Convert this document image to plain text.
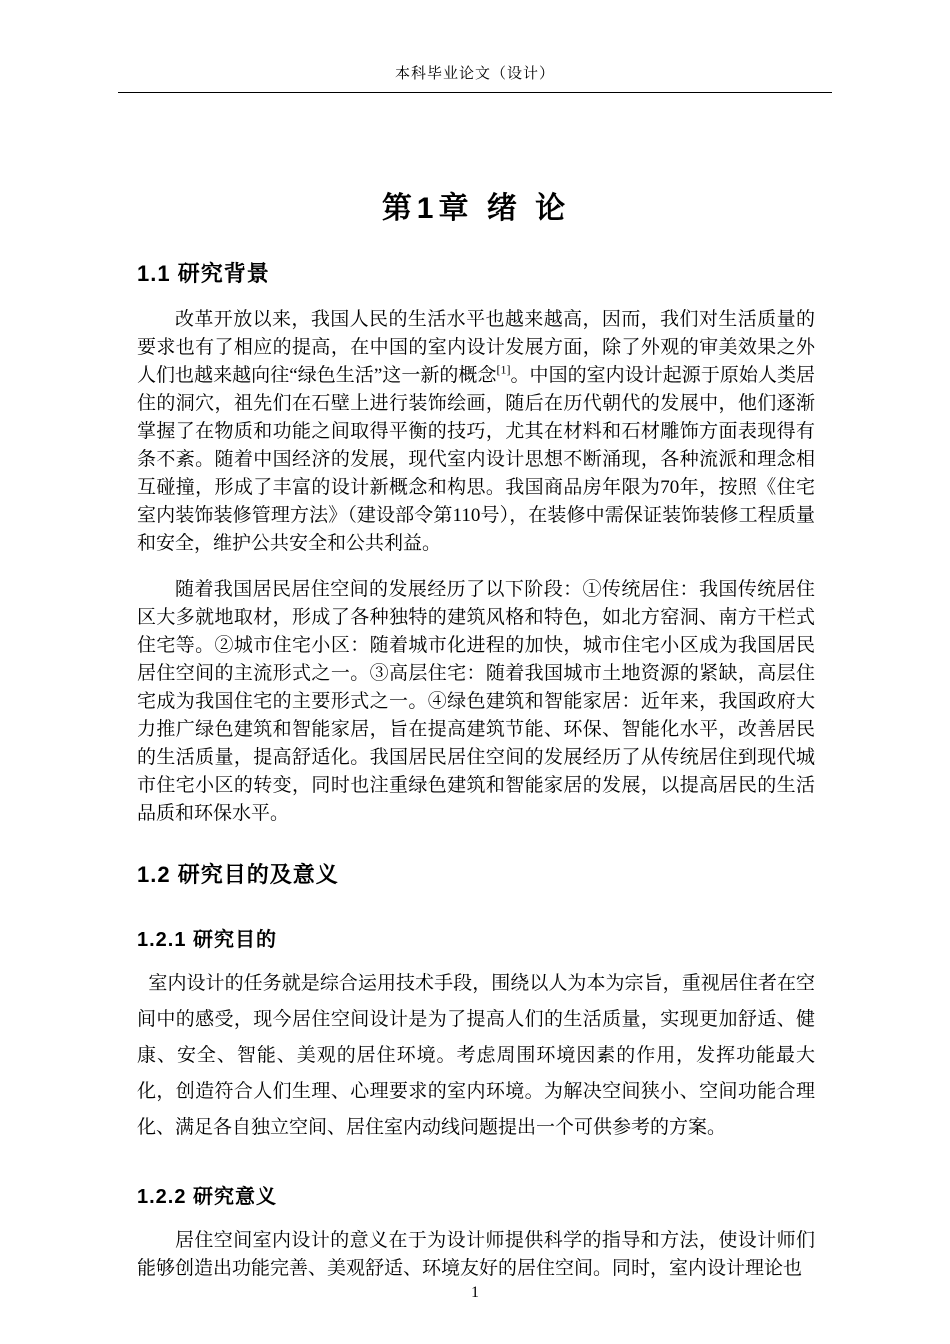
本科毕业论文（设计）
第1章 绪 论
1.1 研究背景

改革开放以来，我国人民的生活水平也越来越高，因而，我们对生活质量的要求也有了相应的提高，在中国的室内设计发展方面，除了外观的审美效果之外人们也越来越向往“绿色生活”这一新的概念[1]。中国的室内设计起源于原始人类居住的洞穴，祖先们在石壁上进行装饰绘画，随后在历代朝代的发展中，他们逐渐掌握了在物质和功能之间取得平衡的技巧，尤其在材料和石材雕饰方面表现得有条不紊。随着中国经济的发展，现代室内设计思想不断涌现，各种流派和理念相互碰撞，形成了丰富的设计新概念和构思。我国商品房年限为70年，按照《住宅室内装饰装修管理方法》（建设部令第110号），在装修中需保证装饰装修工程质量和安全，维护公共安全和公共利益。

随着我国居民居住空间的发展经历了以下阶段：①传统居住：我国传统居住区大多就地取材，形成了各种独特的建筑风格和特色，如北方窑洞、南方干栏式住宅等。②城市住宅小区：随着城市化进程的加快，城市住宅小区成为我国居民居住空间的主流形式之一。③高层住宅：随着我国城市土地资源的紧缺，高层住宅成为我国住宅的主要形式之一。④绿色建筑和智能家居：近年来，我国政府大力推广绿色建筑和智能家居，旨在提高建筑节能、环保、智能化水平，改善居民的生活质量，提高舒适化。我国居民居住空间的发展经历了从传统居住到现代城市住宅小区的转变，同时也注重绿色建筑和智能家居的发展，以提高居民的生活品质和环保水平。

1.2 研究目的及意义
1.2.1 研究目的

室内设计的任务就是综合运用技术手段，围绕以人为本为宗旨，重视居住者在空间中的感受，现今居住空间设计是为了提高人们的生活质量，实现更加舒适、健康、安全、智能、美观的居住环境。考虑周围环境因素的作用，发挥功能最大化，创造符合人们生理、心理要求的室内环境。为解决空间狭小、空间功能合理化、满足各自独立空间、居住室内动线问题提出一个可供参考的方案。

1.2.2 研究意义

居住空间室内设计的意义在于为设计师提供科学的指导和方法，使设计师们能够创造出功能完善、美观舒适、环境友好的居住空间。同时，室内设计理论也

1
